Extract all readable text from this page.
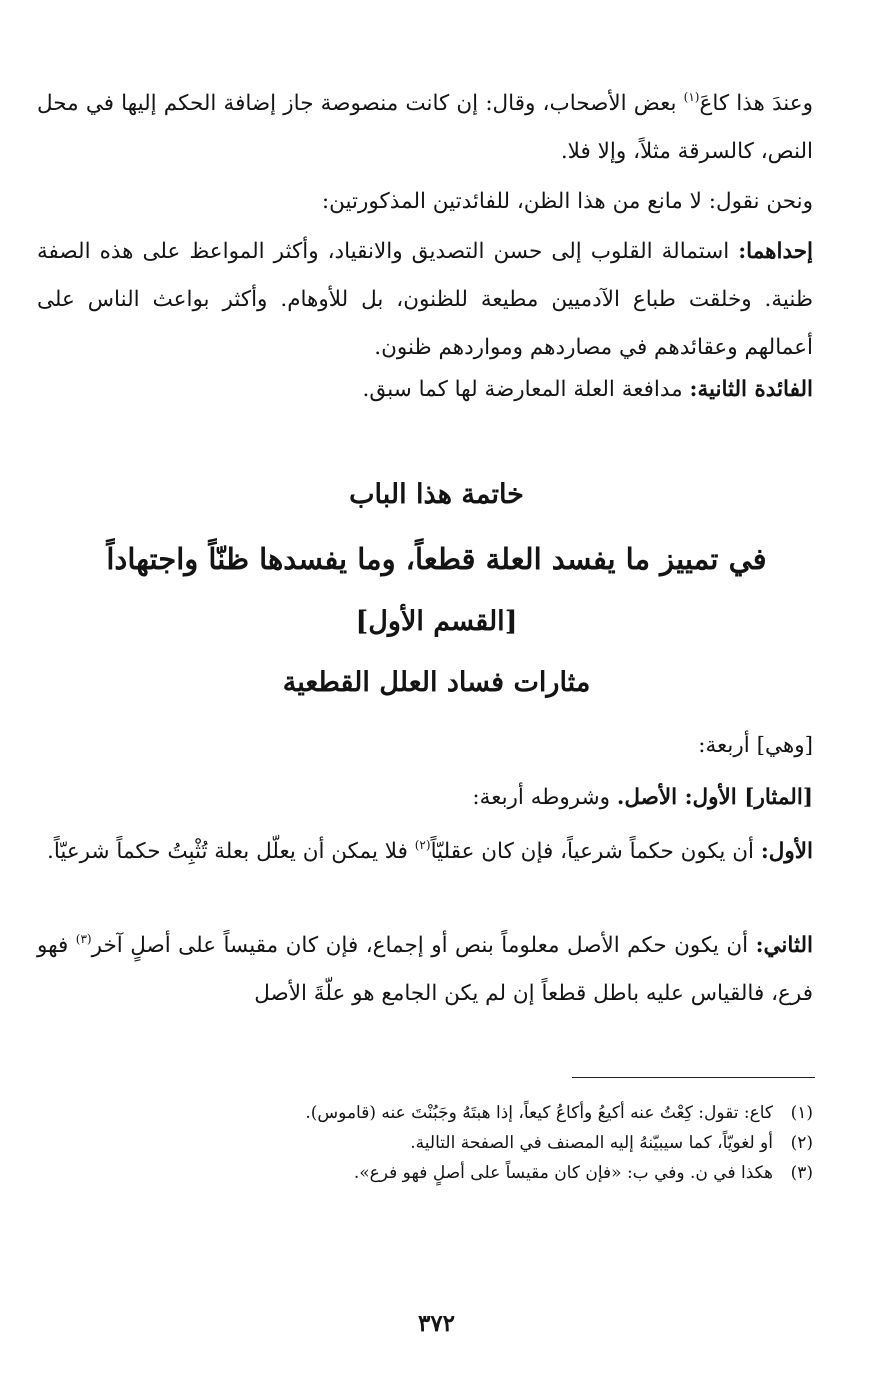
وعندَ هذا كاعَ$^{(١)}$ بعض الأصحاب، وقال: إن كانت منصوصة جاز إضافة الحكم إليها في محل النص، كالسرقة مثلاً، وإلا فلا.

ونحن نقول: لا مانع من هذا الظن، للفائدتين المذكورتين:

إحداهما: استمالة القلوب إلى حسن التصديق والانقياد، وأكثر المواعظ على هذه الصفة ظنية. وخلقت طباع الآدميين مطيعة للظنون، بل للأوهام. وأكثر بواعث الناس على أعمالهم وعقائدهم في مصاردهم ومواردهم ظنون.

الفائدة الثانية: مدافعة العلة المعارضة لها كما سبق.

خاتمة هذا الباب
في تمييز ما يفسد العلة قطعاً، وما يفسدها ظنّاً واجتهاداً
[القسم الأول]
مثارات فساد العلل القطعية

[وهي] أربعة:

[المثار] الأول: الأصل. وشروطه أربعة:

الأول: أن يكون حكماً شرعياً، فإن كان عقليّاً$^{(٢)}$ فلا يمكن أن يعلّل بعلة تُثْبِتُ حكماً شرعيّاً.

الثاني: أن يكون حكم الأصل معلوماً بنص أو إجماع، فإن كان مقيساً على أصلٍ آخر$^{(٣)}$ فهو فرع، فالقياس عليه باطل قطعاً إن لم يكن الجامع هو علّةَ الأصل

(١)كاع: تقول: كِعْتُ عنه أكيعُ وأكاعُ كيعاً، إذا هبتَهُ وجَبُنْتَ عنه (قاموس).

(٢)أو لغويّاً، كما سيبيّنهُ إليه المصنف في الصفحة التالية.

(٣)هكذا في ن. وفي ب: «فإن كان مقيساً على أصلٍ فهو فرع».

٣٧٢
